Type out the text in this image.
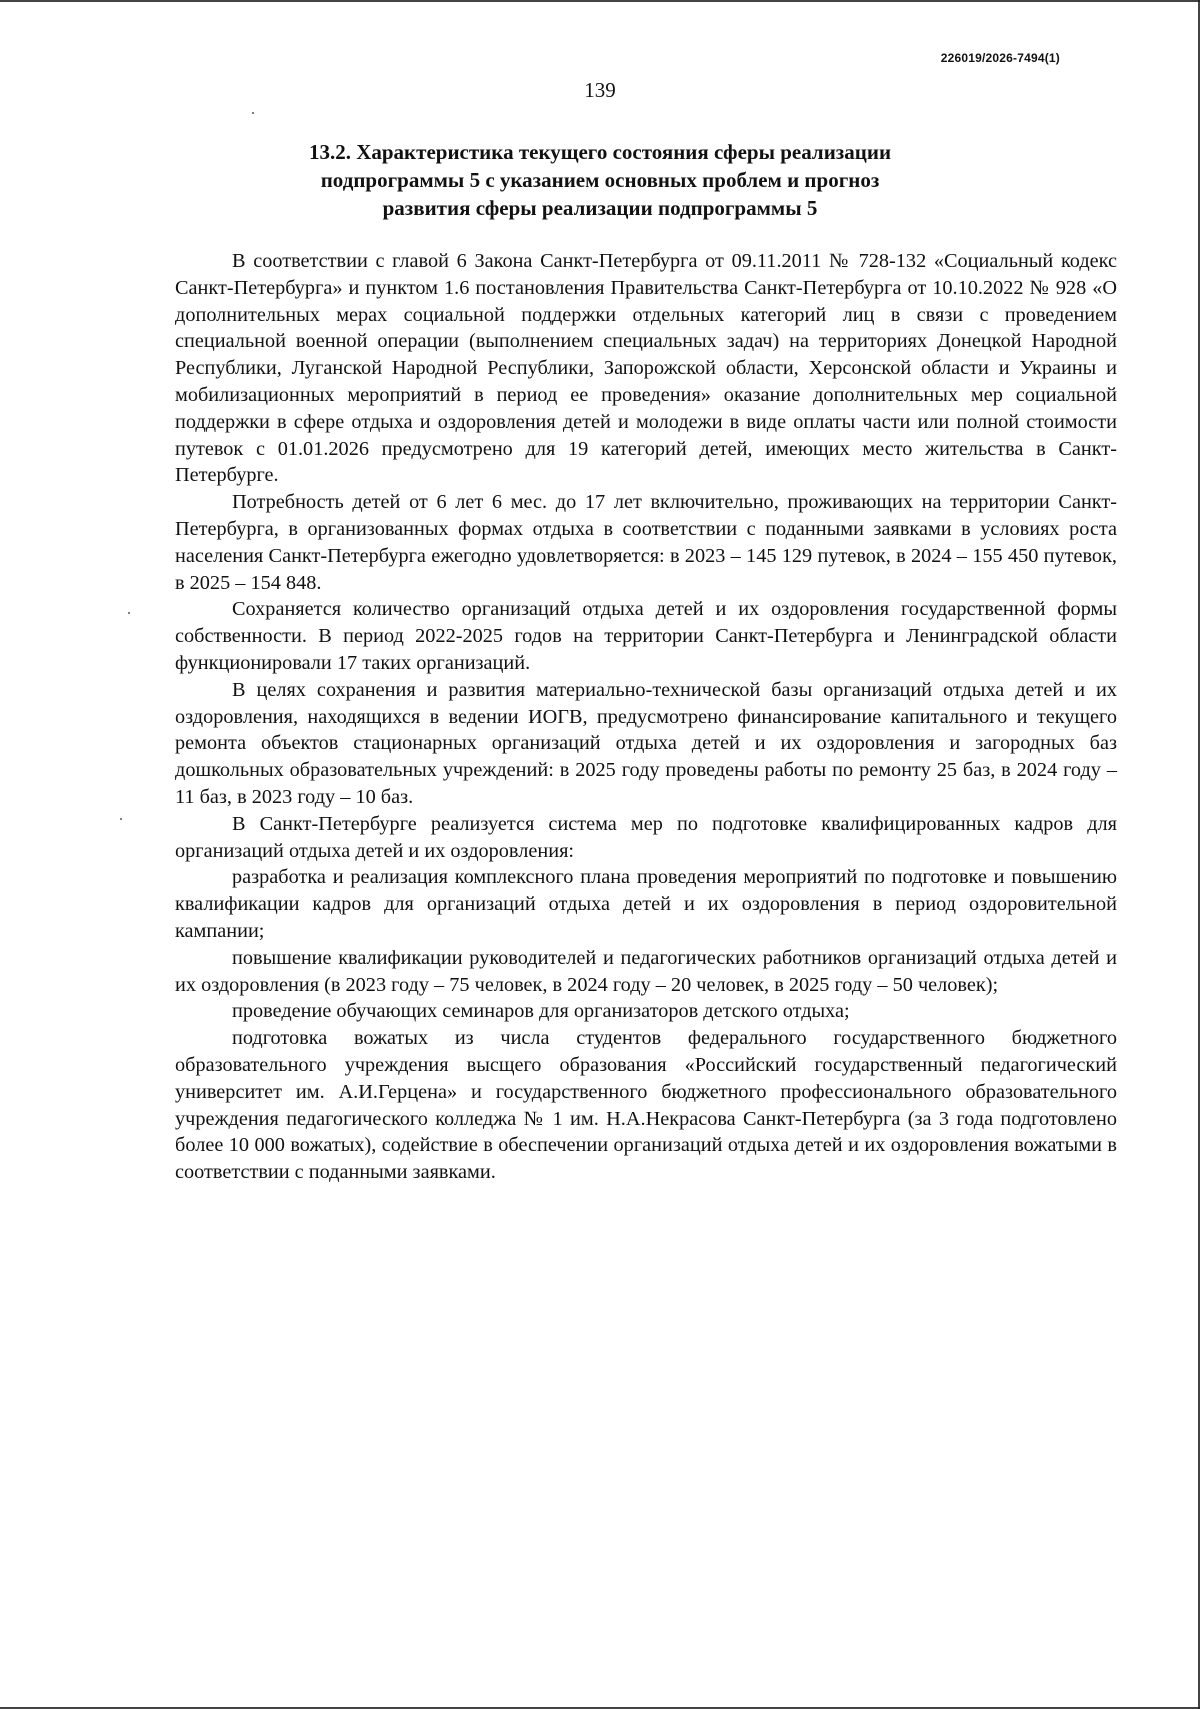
226019/2026-7494(1)
139
13.2. Характеристика текущего состояния сферы реализации
подпрограммы 5 с указанием основных проблем и прогноз
развития сферы реализации подпрограммы 5

В соответствии с главой 6 Закона Санкт-Петербурга от 09.11.2011 № 728-132 «Социальный кодекс Санкт-Петербурга» и пунктом 1.6 постановления Правительства Санкт-Петербурга от 10.10.2022 № 928 «О дополнительных мерах социальной поддержки отдельных категорий лиц в связи с проведением специальной военной операции (выполнением специальных задач) на территориях Донецкой Народной Республики, Луганской Народной Республики, Запорожской области, Херсонской области и Украины и мобилизационных мероприятий в период ее проведения» оказание дополнительных мер социальной поддержки в сфере отдыха и оздоровления детей и молодежи в виде оплаты части или полной стоимости путевок с 01.01.2026 предусмотрено для 19 категорий детей, имеющих место жительства в Санкт-Петербурге.

Потребность детей от 6 лет 6 мес. до 17 лет включительно, проживающих на территории Санкт-Петербурга, в организованных формах отдыха в соответствии с поданными заявками в условиях роста населения Санкт-Петербурга ежегодно удовлетворяется: в 2023 – 145 129 путевок, в 2024 – 155 450 путевок, в 2025 – 154 848.

Сохраняется количество организаций отдыха детей и их оздоровления государственной формы собственности. В период 2022-2025 годов на территории Санкт-Петербурга и Ленинградской области функционировали 17 таких организаций.

В целях сохранения и развития материально-технической базы организаций отдыха детей и их оздоровления, находящихся в ведении ИОГВ, предусмотрено финансирование капитального и текущего ремонта объектов стационарных организаций отдыха детей и их оздоровления и загородных баз дошкольных образовательных учреждений: в 2025 году проведены работы по ремонту 25 баз, в 2024 году – 11 баз, в 2023 году – 10 баз.

В Санкт-Петербурге реализуется система мер по подготовке квалифицированных кадров для организаций отдыха детей и их оздоровления:

разработка и реализация комплексного плана проведения мероприятий по подготовке и повышению квалификации кадров для организаций отдыха детей и их оздоровления в период оздоровительной кампании;

повышение квалификации руководителей и педагогических работников организаций отдыха детей и их оздоровления (в 2023 году – 75 человек, в 2024 году – 20 человек, в 2025 году – 50 человек);

проведение обучающих семинаров для организаторов детского отдыха;

подготовка вожатых из числа студентов федерального государственного бюджетного образовательного учреждения высщего образования «Российский государственный педагогический университет им. А.И.Герцена» и государственного бюджетного профессионального образовательного учреждения педагогического колледжа № 1 им. Н.А.Некрасова Санкт-Петербурга (за 3 года подготовлено более 10 000 вожатых), содействие в обеспечении организаций отдыха детей и их оздоровления вожатыми в соответствии с поданными заявками.
